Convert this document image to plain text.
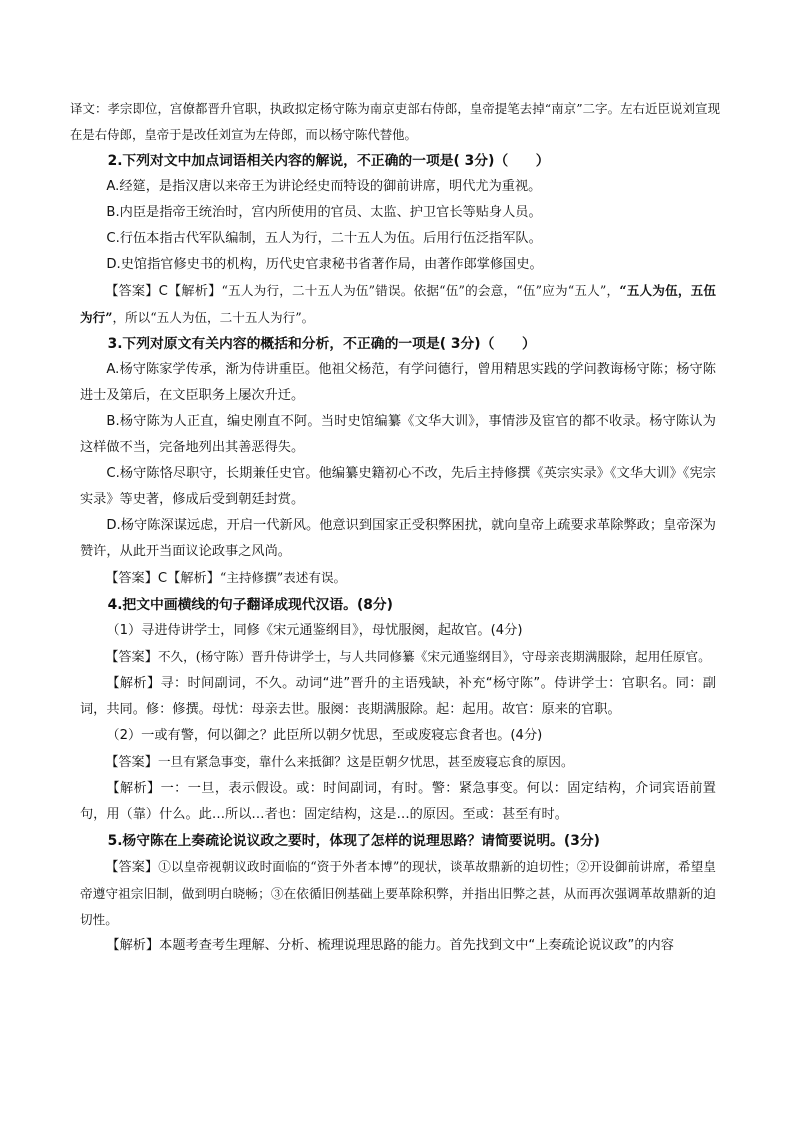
译文：孝宗即位，宫僚都晋升官职，执政拟定杨守陈为南京吏部右侍郎，皇帝提笔去掉“南京”二字。左右近臣说刘宣现在是右侍郎，皇帝于是改任刘宣为左侍郎，而以杨守陈代替他。

2.下列对文中加点词语相关内容的解说，不正确的一项是( 3分)（　　）

A.经筵，是指汉唐以来帝王为讲论经史而特设的御前讲席，明代尤为重视。

B.内臣是指帝王统治时，宫内所使用的官员、太监、护卫官长等贴身人员。

C.行伍本指古代军队编制，五人为行，二十五人为伍。后用行伍泛指军队。

D.史馆指官修史书的机构，历代史官隶秘书省著作局，由著作郎掌修国史。

【答案】C【解析】“五人为行，二十五人为伍”错误。依据“伍”的会意，“伍”应为“五人”，“五人为伍，五伍为行”，所以“五人为伍，二十五人为行”。

3.下列对原文有关内容的概括和分析，不正确的一项是( 3分)（　　）

A.杨守陈家学传承，渐为侍讲重臣。他祖父杨范，有学问德行，曾用精思实践的学问教诲杨守陈；杨守陈进士及第后，在文臣职务上屡次升迁。

B.杨守陈为人正直，编史刚直不阿。当时史馆编纂《文华大训》，事情涉及宦官的都不收录。杨守陈认为这样做不当，完备地列出其善恶得失。

C.杨守陈恪尽职守，长期兼任史官。他编纂史籍初心不改，先后主持修撰《英宗实录》《文华大训》《宪宗实录》等史著，修成后受到朝廷封赏。

D.杨守陈深谋远虑，开启一代新风。他意识到国家正受积弊困扰，就向皇帝上疏要求革除弊政；皇帝深为赞许，从此开当面议论政事之风尚。

【答案】C【解析】“主持修撰”表述有误。

4.把文中画横线的句子翻译成现代汉语。(8分)

（1）寻进侍讲学士，同修《宋元通鉴纲目》，母忧服阕，起故官。(4分)

【答案】不久，(杨守陈）晋升侍讲学士，与人共同修纂《宋元通鉴纲目》，守母亲丧期满服除，起用任原官。

【解析】寻：时间副词，不久。动词“进”晋升的主语残缺，补充“杨守陈”。侍讲学士：官职名。同：副词，共同。修：修撰。母忧：母亲去世。服阕：丧期满服除。起：起用。故官：原来的官职。

（2）一或有警，何以御之？此臣所以朝夕忧思，至或废寝忘食者也。(4分)

【答案】一旦有紧急事变，靠什么来抵御？这是臣朝夕忧思，甚至废寝忘食的原因。

【解析】一：一旦，表示假设。或：时间副词，有时。警：紧急事变。何以：固定结构，介词宾语前置句，用（靠）什么。此…所以…者也：固定结构，这是…的原因。至或：甚至有时。

5.杨守陈在上奏疏论说议政之要时，体现了怎样的说理思路？请简要说明。(3分)

【答案】①以皇帝视朝议政时面临的“资于外者本博”的现状，谈革故鼎新的迫切性；②开设御前讲席，希望皇帝遵守祖宗旧制，做到明白晓畅；③在依循旧例基础上要革除积弊，并指出旧弊之甚，从而再次强调革故鼎新的迫切性。

【解析】本题考查考生理解、分析、梳理说理思路的能力。首先找到文中“上奏疏论说议政”的内容
